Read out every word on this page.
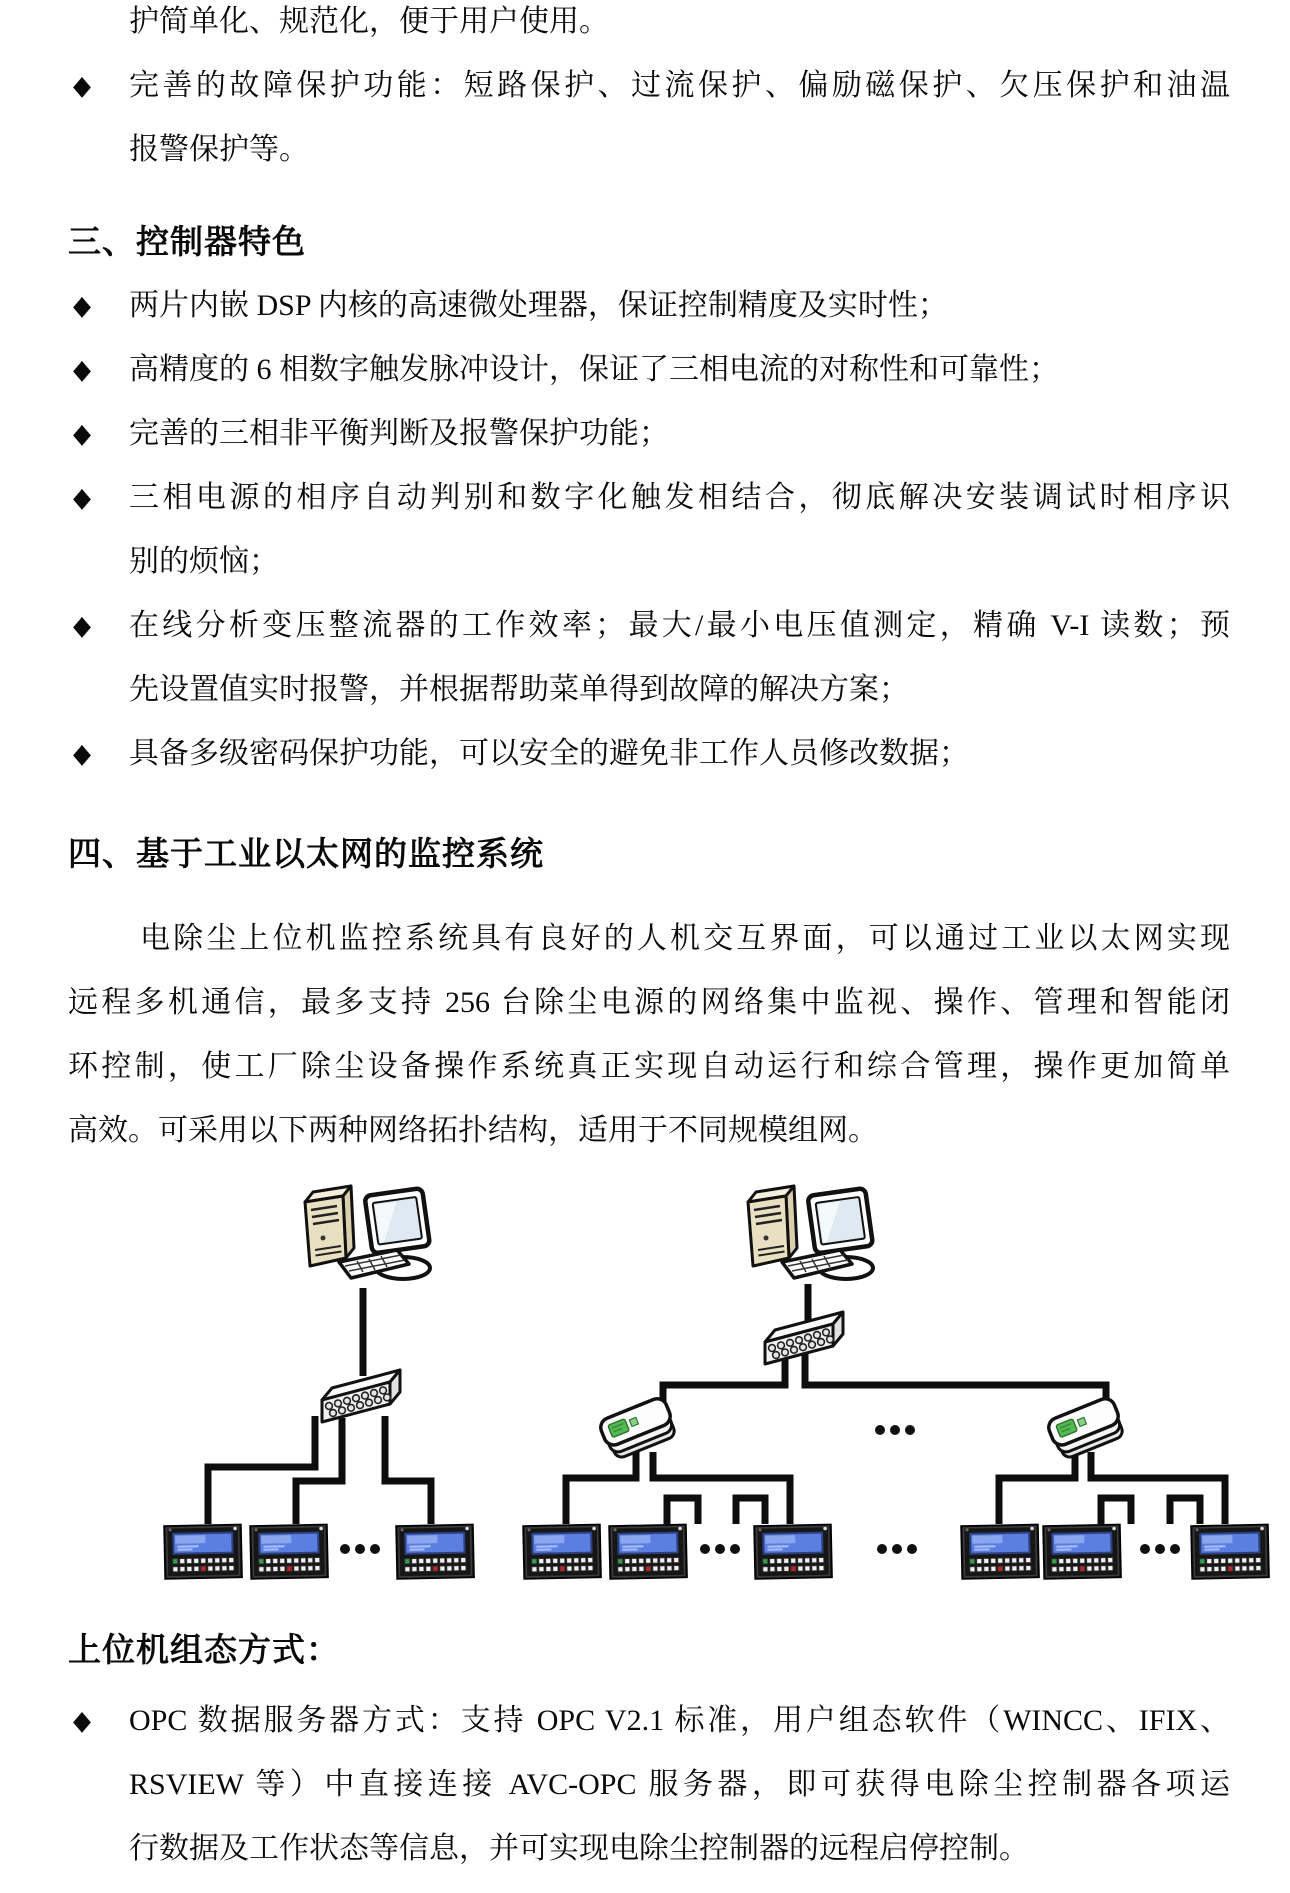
护简单化、规范化，便于用户使用。
◆	完善的故障保护功能：短路保护、过流保护、偏励磁保护、欠压保护和油温
报警保护等。
三、控制器特色
◆	两片内嵌 DSP 内核的高速微处理器，保证控制精度及实时性；
◆	高精度的 6 相数字触发脉冲设计，保证了三相电流的对称性和可靠性；
◆	完善的三相非平衡判断及报警保护功能；
◆	三相电源的相序自动判别和数字化触发相结合，彻底解决安装调试时相序识
别的烦恼；
◆	在线分析变压整流器的工作效率；最大/最小电压值测定，精确 V-I 读数；预
先设置值实时报警，并根据帮助菜单得到故障的解决方案；
◆	具备多级密码保护功能，可以安全的避免非工作人员修改数据；
四、基于工业以太网的监控系统
电除尘上位机监控系统具有良好的人机交互界面，可以通过工业以太网实现
远程多机通信，最多支持 256 台除尘电源的网络集中监视、操作、管理和智能闭
环控制，使工厂除尘设备操作系统真正实现自动运行和综合管理，操作更加简单
高效。可采用以下两种网络拓扑结构，适用于不同规模组网。
上位机组态方式：
◆	OPC 数据服务器方式：支持 OPC V2.1 标准，用户组态软件（WINCC、IFIX、
RSVIEW 等）中直接连接 AVC-OPC 服务器，即可获得电除尘控制器各项运
行数据及工作状态等信息，并可实现电除尘控制器的远程启停控制。
